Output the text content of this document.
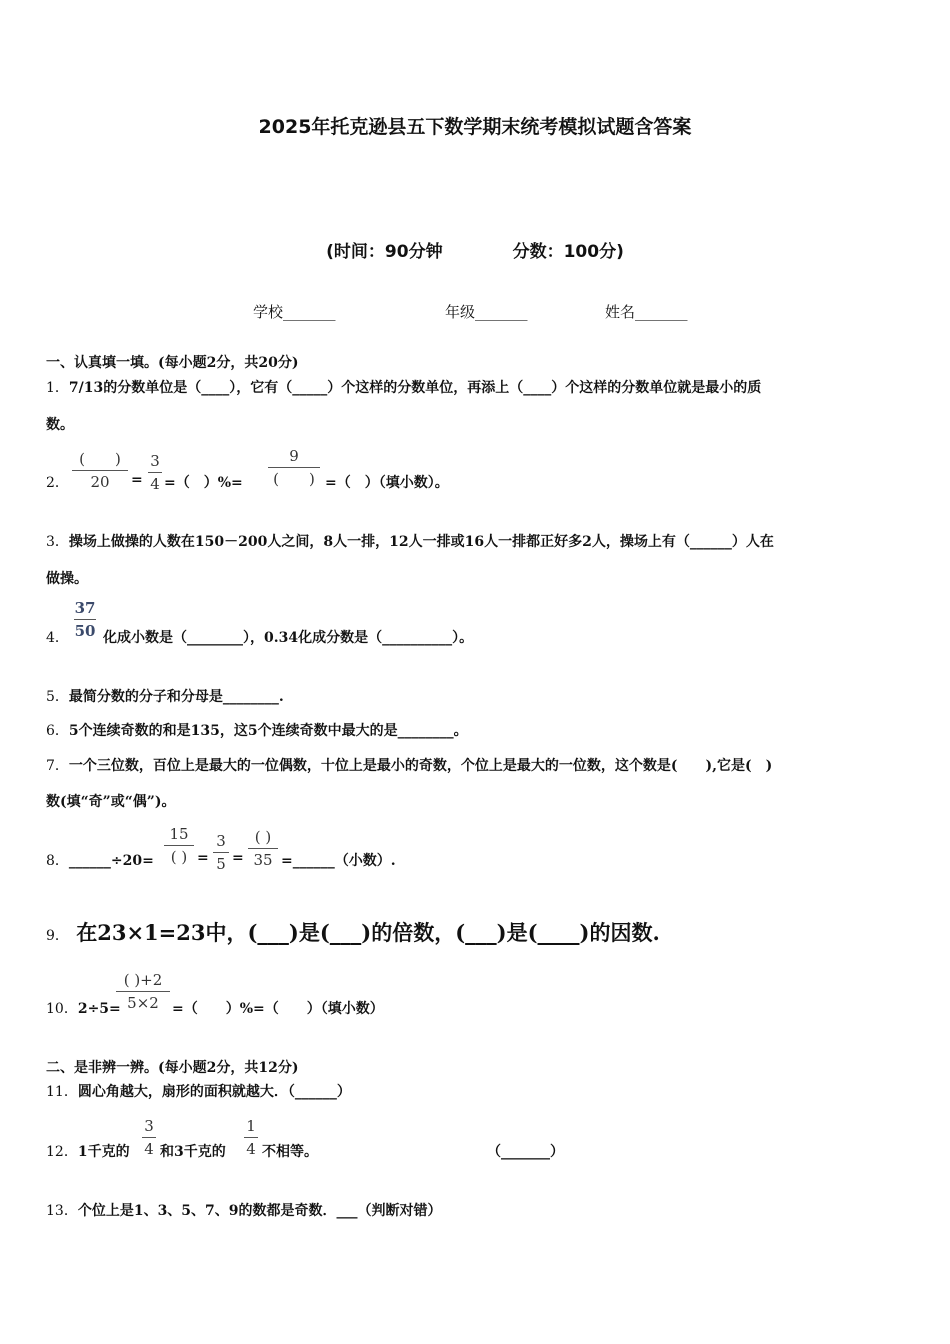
2025年托克逊县五下数学期末统考模拟试题含答案
(时间：90分钟	分数：100分)
学校_______	年级_______	姓名_______
一、认真填一填。(每小题2分，共20分)
1．7/13的分数单位是（____），它有（_____）个这样的分数单位，再添上（____）个这样的分数单位就是最小的质
数。
2．
(　　)
20	=
3
4 =（　）%=
9
(　　) =（　）（填小数）。
3．操场上做操的人数在150－200人之间，8人一排，12人一排或16人一排都正好多2人，操场上有（______）人在
做操。
4．
37
50 化成小数是（________），0.34化成分数是（__________）。
5．最简分数的分子和分母是________.
6．5个连续奇数的和是135，这5个连续奇数中最大的是________。
7．一个三位数，百位上是最大的一位偶数，十位上是最小的奇数，个位上是最大的一位数，这个数是(　　),它是(　)
数(填“奇”或“偶”)。
8．______÷20=
15
( ) =
3
5 =
( )
35 =______（小数）.
9． 在23×1=23中，(___)是(___)的倍数，(___)是(____)的因数.
10．2÷5=
( )+2
5×2 =（　　）%=（　　）（填小数）
二、是非辨一辨。(每小题2分，共12分)
11．圆心角越大，扇形的面积就越大．（______）
12．1千克的
3
4 和3千克的
1
4 不相等。	（_______）
13．个位上是1、3、5、7、9的数都是奇数．___（判断对错）
